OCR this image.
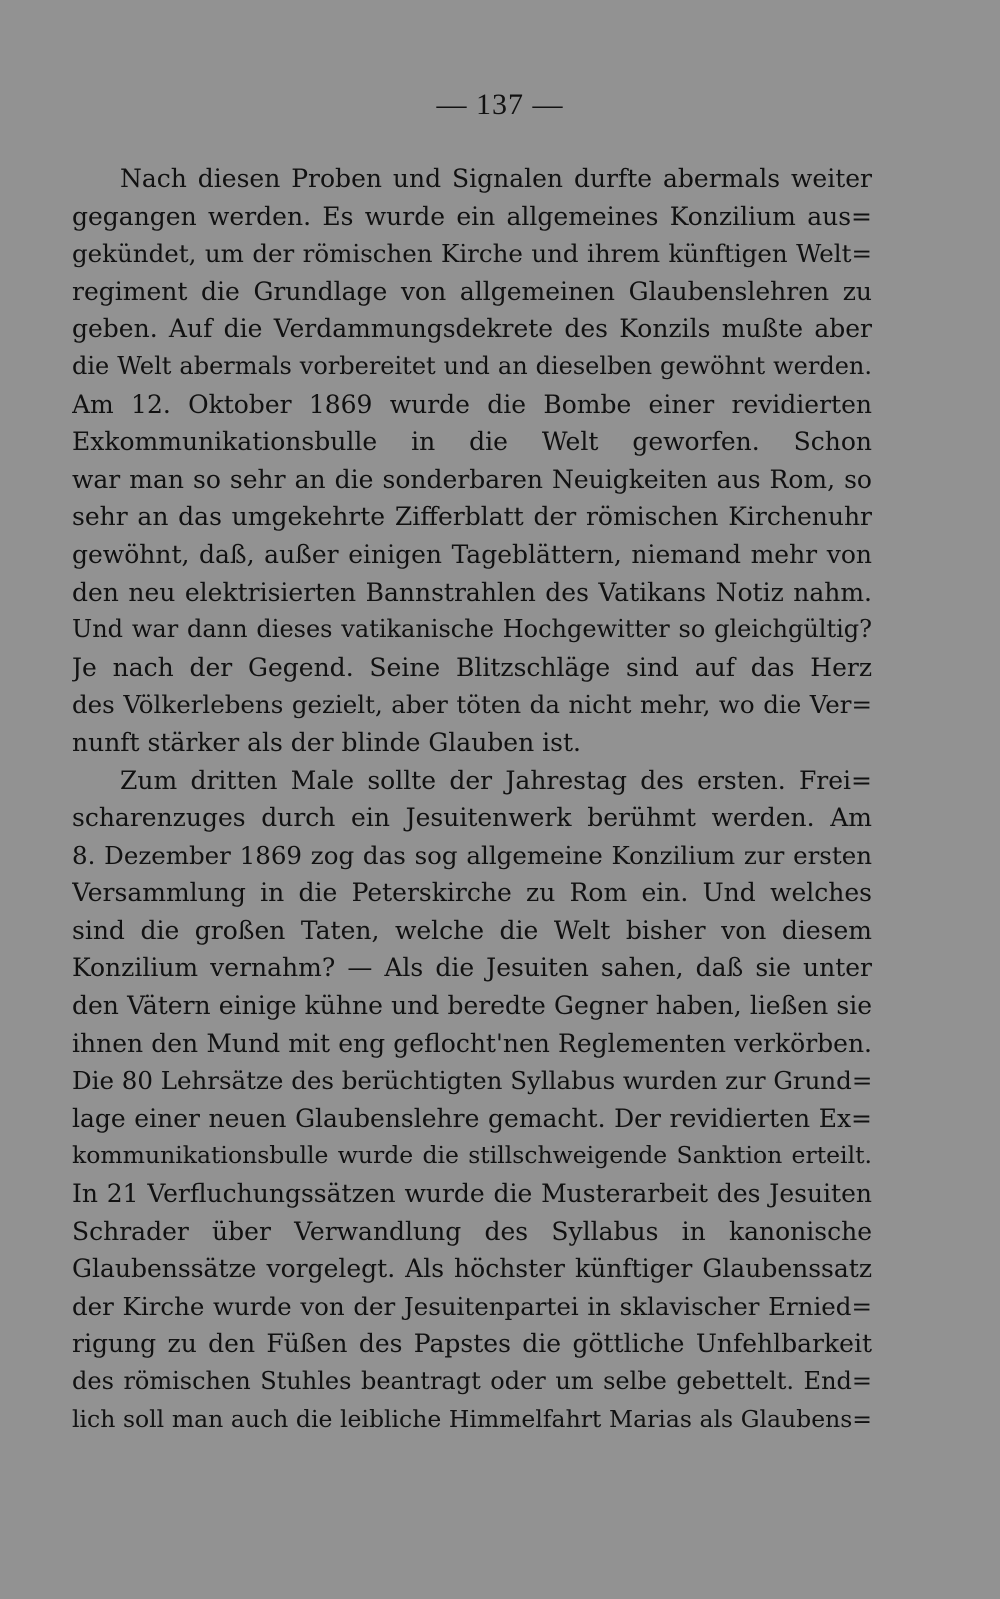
— 137 —
Nach diesen Proben und Signalen durfte abermals weiter
gegangen werden. Es wurde ein allgemeines Konzilium aus=
gekündet, um der römischen Kirche und ihrem künftigen Welt=
regiment die Grundlage von allgemeinen Glaubenslehren zu
geben. Auf die Verdammungsdekrete des Konzils mußte aber
die Welt abermals vorbereitet und an dieselben gewöhnt werden.
Am 12. Oktober 1869 wurde die Bombe einer revidierten
Exkommunikationsbulle in die Welt geworfen. Schon
war man so sehr an die sonderbaren Neuigkeiten aus Rom, so
sehr an das umgekehrte Zifferblatt der römischen Kirchenuhr
gewöhnt, daß, außer einigen Tageblättern, niemand mehr von
den neu elektrisierten Bannstrahlen des Vatikans Notiz nahm.
Und war dann dieses vatikanische Hochgewitter so gleichgültig?
Je nach der Gegend. Seine Blitzschläge sind auf das Herz
des Völkerlebens gezielt, aber töten da nicht mehr, wo die Ver=
nunft stärker als der blinde Glauben ist.
Zum dritten Male sollte der Jahrestag des ersten. Frei=
scharenzuges durch ein Jesuitenwerk berühmt werden. Am
8. Dezember 1869 zog das sog allgemeine Konzilium zur ersten
Versammlung in die Peterskirche zu Rom ein. Und welches
sind die großen Taten, welche die Welt bisher von diesem
Konzilium vernahm? — Als die Jesuiten sahen, daß sie unter
den Vätern einige kühne und beredte Gegner haben, ließen sie
ihnen den Mund mit eng geflocht'nen Reglementen verkörben.
Die 80 Lehrsätze des berüchtigten Syllabus wurden zur Grund=
lage einer neuen Glaubenslehre gemacht. Der revidierten Ex=
kommunikationsbulle wurde die stillschweigende Sanktion erteilt.
In 21 Verfluchungssätzen wurde die Musterarbeit des Jesuiten
Schrader über Verwandlung des Syllabus in kanonische
Glaubenssätze vorgelegt. Als höchster künftiger Glaubenssatz
der Kirche wurde von der Jesuitenpartei in sklavischer Ernied=
rigung zu den Füßen des Papstes die göttliche Unfehlbarkeit
des römischen Stuhles beantragt oder um selbe gebettelt. End=
lich soll man auch die leibliche Himmelfahrt Marias als Glaubens=
